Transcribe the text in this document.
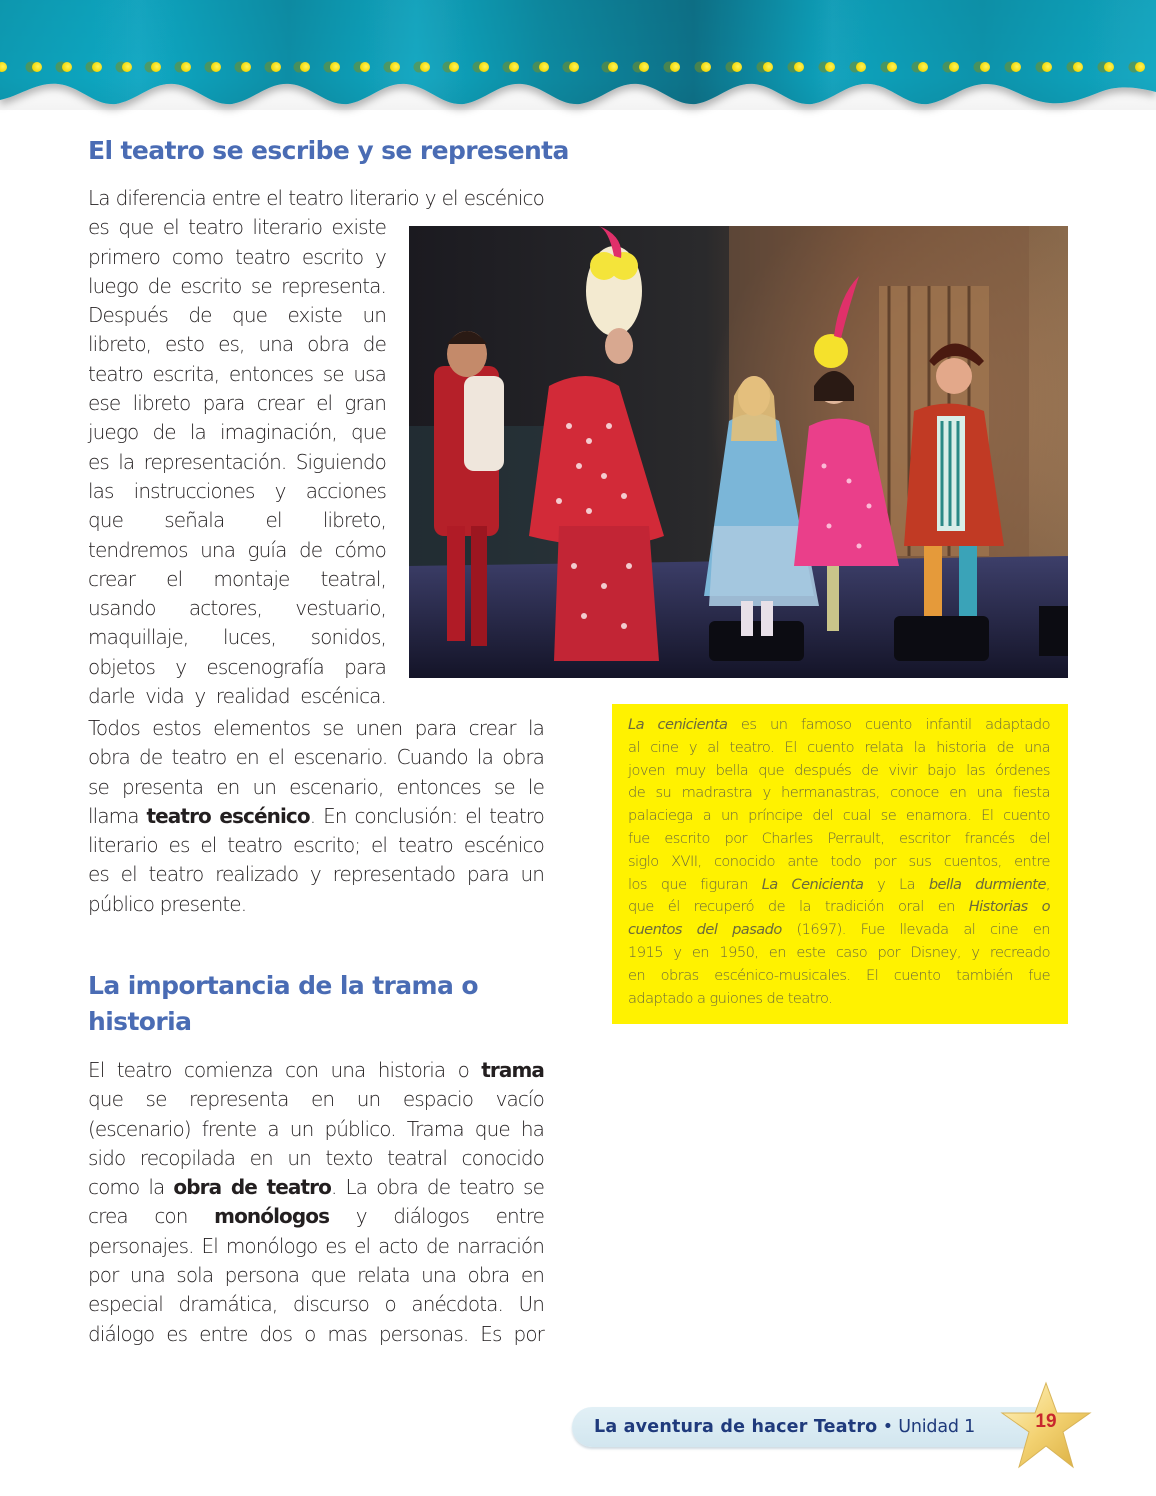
El teatro se escribe y se representa
La diferencia entre el teatro literario y el escénico
es que el teatro literario existe
primero como teatro escrito y
luego de escrito se representa.
Después de que existe un
libreto, esto es, una obra de
teatro escrita, entonces se usa
ese libreto para crear el gran
juego de la imaginación, que
es la representación. Siguiendo
las instrucciones y acciones
que señala el libreto,
tendremos una guía de cómo
crear el montaje teatral,
usando actores, vestuario,
maquillaje, luces, sonidos,
objetos y escenografía para
darle vida y realidad escénica.
Todos estos elementos se unen para crear la
obra de teatro en el escenario. Cuando la obra
se presenta en un escenario, entonces se le
llama teatro escénico. En conclusión: el teatro
literario es el teatro escrito; el teatro escénico
es el teatro realizado y representado para un
público presente.

La cenicienta es un famoso cuento infantil adaptado
al cine y al teatro. El cuento relata la historia de una
joven muy bella que después de vivir bajo las órdenes
de su madrastra y hermanastras, conoce en una fiesta
palaciega a un príncipe del cual se enamora. El cuento
fue escrito por Charles Perrault, escritor francés del
siglo XVII, conocido ante todo por sus cuentos, entre
los que figuran La Cenicienta y La bella durmiente,
que él recuperó de la tradición oral en Historias o
cuentos del pasado (1697). Fue llevada al cine en
1915 y en 1950, en este caso por Disney, y recreado
en obras escénico-musicales. El cuento también fue
adaptado a guiones de teatro.

La importancia de la trama o
historia
El teatro comienza con una historia o trama
que se representa en un espacio vacío
(escenario) frente a un público. Trama que ha
sido recopilada en un texto teatral conocido
como la obra de teatro. La obra de teatro se
crea con monólogos y diálogos entre
personajes. El monólogo es el acto de narración
por una sola persona que relata una obra en
especial dramática, discurso o anécdota. Un
diálogo es entre dos o mas personas. Es por
La aventura de hacer Teatro • Unidad 1	19
